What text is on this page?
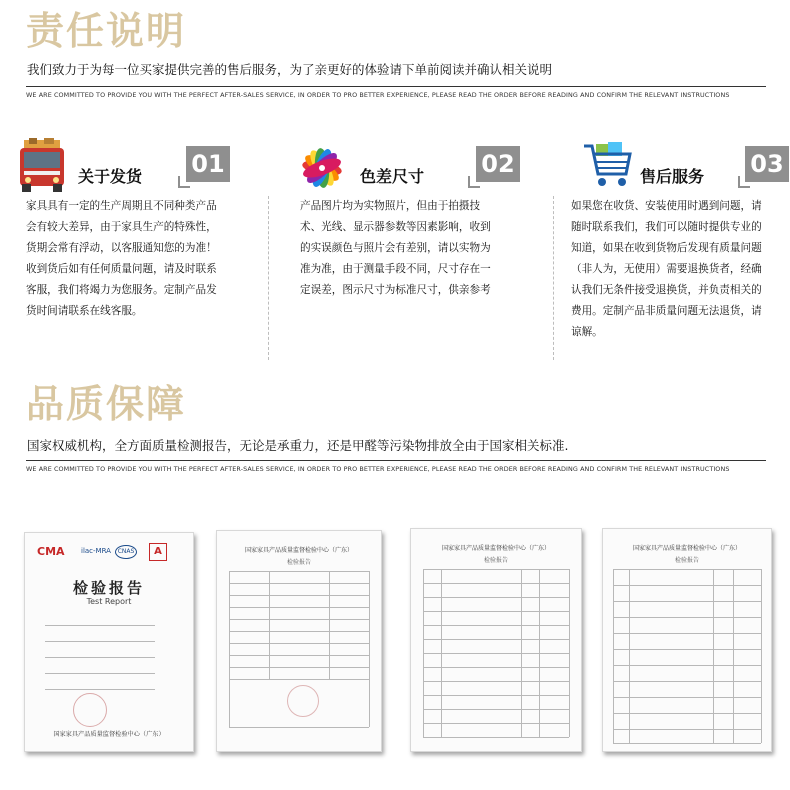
责任说明
我们致力于为每一位买家提供完善的售后服务，为了亲更好的体验请下单前阅读并确认相关说明
WE ARE COMMITTED TO PROVIDE YOU WITH THE PERFECT AFTER-SALES SERVICE, IN ORDER TO PRO BETTER EXPERIENCE, PLEASE READ THE ORDER BEFORE READING AND CONFIRM THE RELEVANT INSTRUCTIONS
关于发货 01
家具具有一定的生产周期且不同种类产品
会有较大差异，由于家具生产的特殊性，
货期会常有浮动，以客服通知您的为准！
收到货后如有任何质量问题，请及时联系
客服，我们将竭力为您服务。定制产品发
货时间请联系在线客服。
色差尺寸 02
产品图片均为实物照片，但由于拍摄技
术、光线、显示器参数等因素影响，收到
的实误颜色与照片会有差别，请以实物为
准为准，由于测量手段不同，尺寸存在一
定误差，图示尺寸为标准尺寸，供亲参考
售后服务 03
如果您在收货、安装使用时遇到问题，请
随时联系我们，我们可以随时提供专业的
知道，如果在收到货物后发现有质量问题
（非人为，无使用）需要退换货者，经确
认我们无条件接受退换货，并负责相关的
费用。定制产品非质量问题无法退货，请
谅解。
品质保障
国家权威机构，全方面质量检测报告，无论是承重力，还是甲醛等污染物排放全由于国家相关标准.
WE ARE COMMITTED TO PROVIDE YOU WITH THE PERFECT AFTER-SALES SERVICE, IN ORDER TO PRO BETTER EXPERIENCE, PLEASE READ THE ORDER BEFORE READING AND CONFIRM THE RELEVANT INSTRUCTIONS
CMA ilac-MRA	CNAS	A
检验报告
Test Report
国家家具产品质量监督检验中心（广东）
国家家具产品质量监督检验中心（广东）
检验报告
国家家具产品质量监督检验中心（广东）
检验报告
国家家具产品质量监督检验中心（广东）
检验报告
